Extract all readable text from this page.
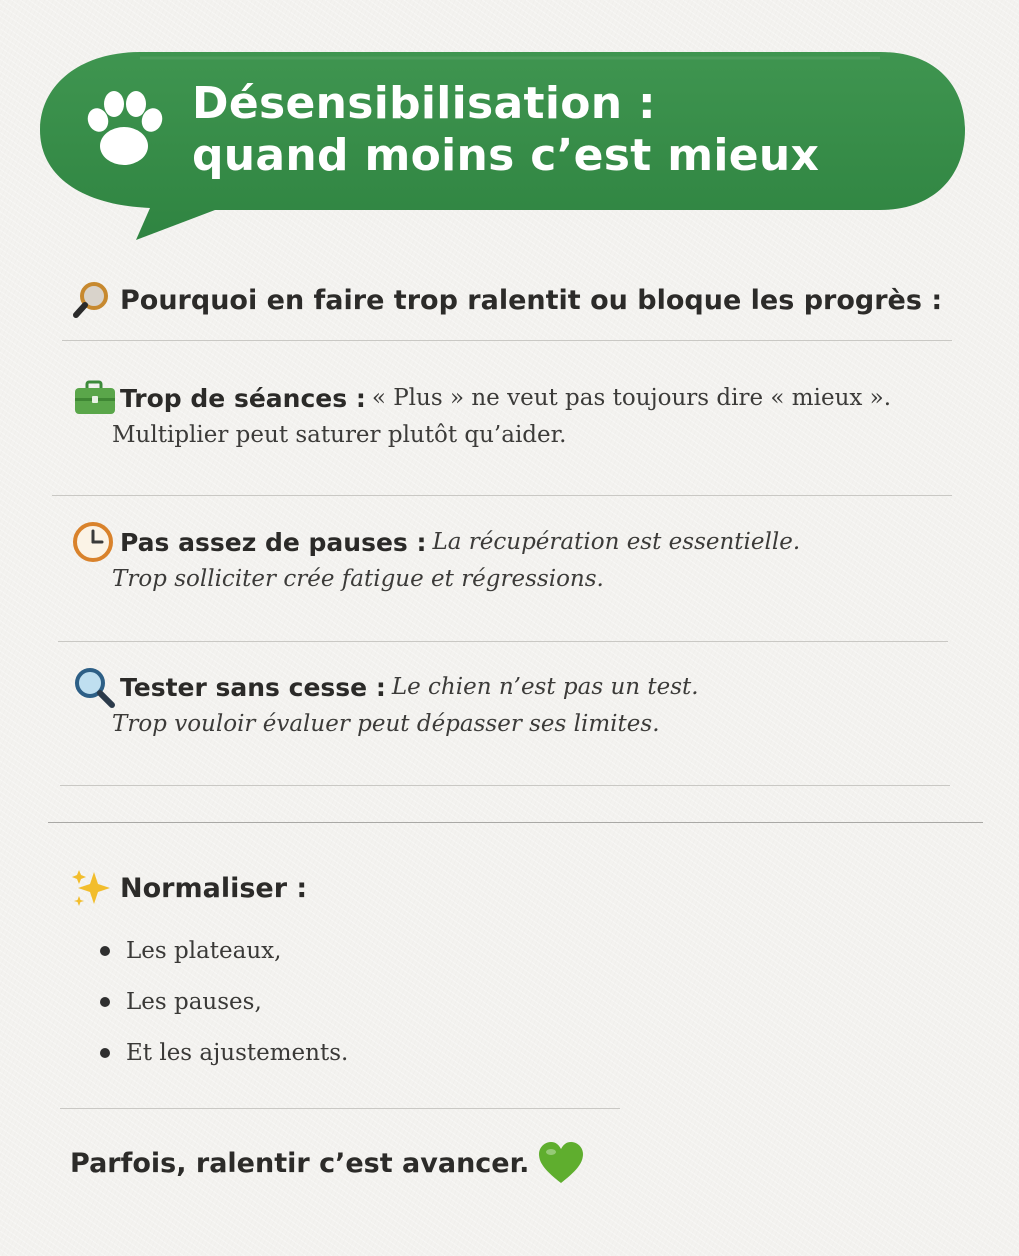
Désensibilisation :
quand moins c’est mieux
Pourquoi en faire trop ralentit ou bloque les progrès :
Trop de séances : « Plus » ne veut pas toujours dire « mieux ».
Multiplier peut saturer plutôt qu’aider.
Pas assez de pauses : La récupération est essentielle.
Trop solliciter crée fatigue et régressions.
Tester sans cesse : Le chien n’est pas un test.
Trop vouloir évaluer peut dépasser ses limites.
Normaliser :
Les plateaux,
Les pauses,
Et les ajustements.
Parfois, ralentir c’est avancer.
